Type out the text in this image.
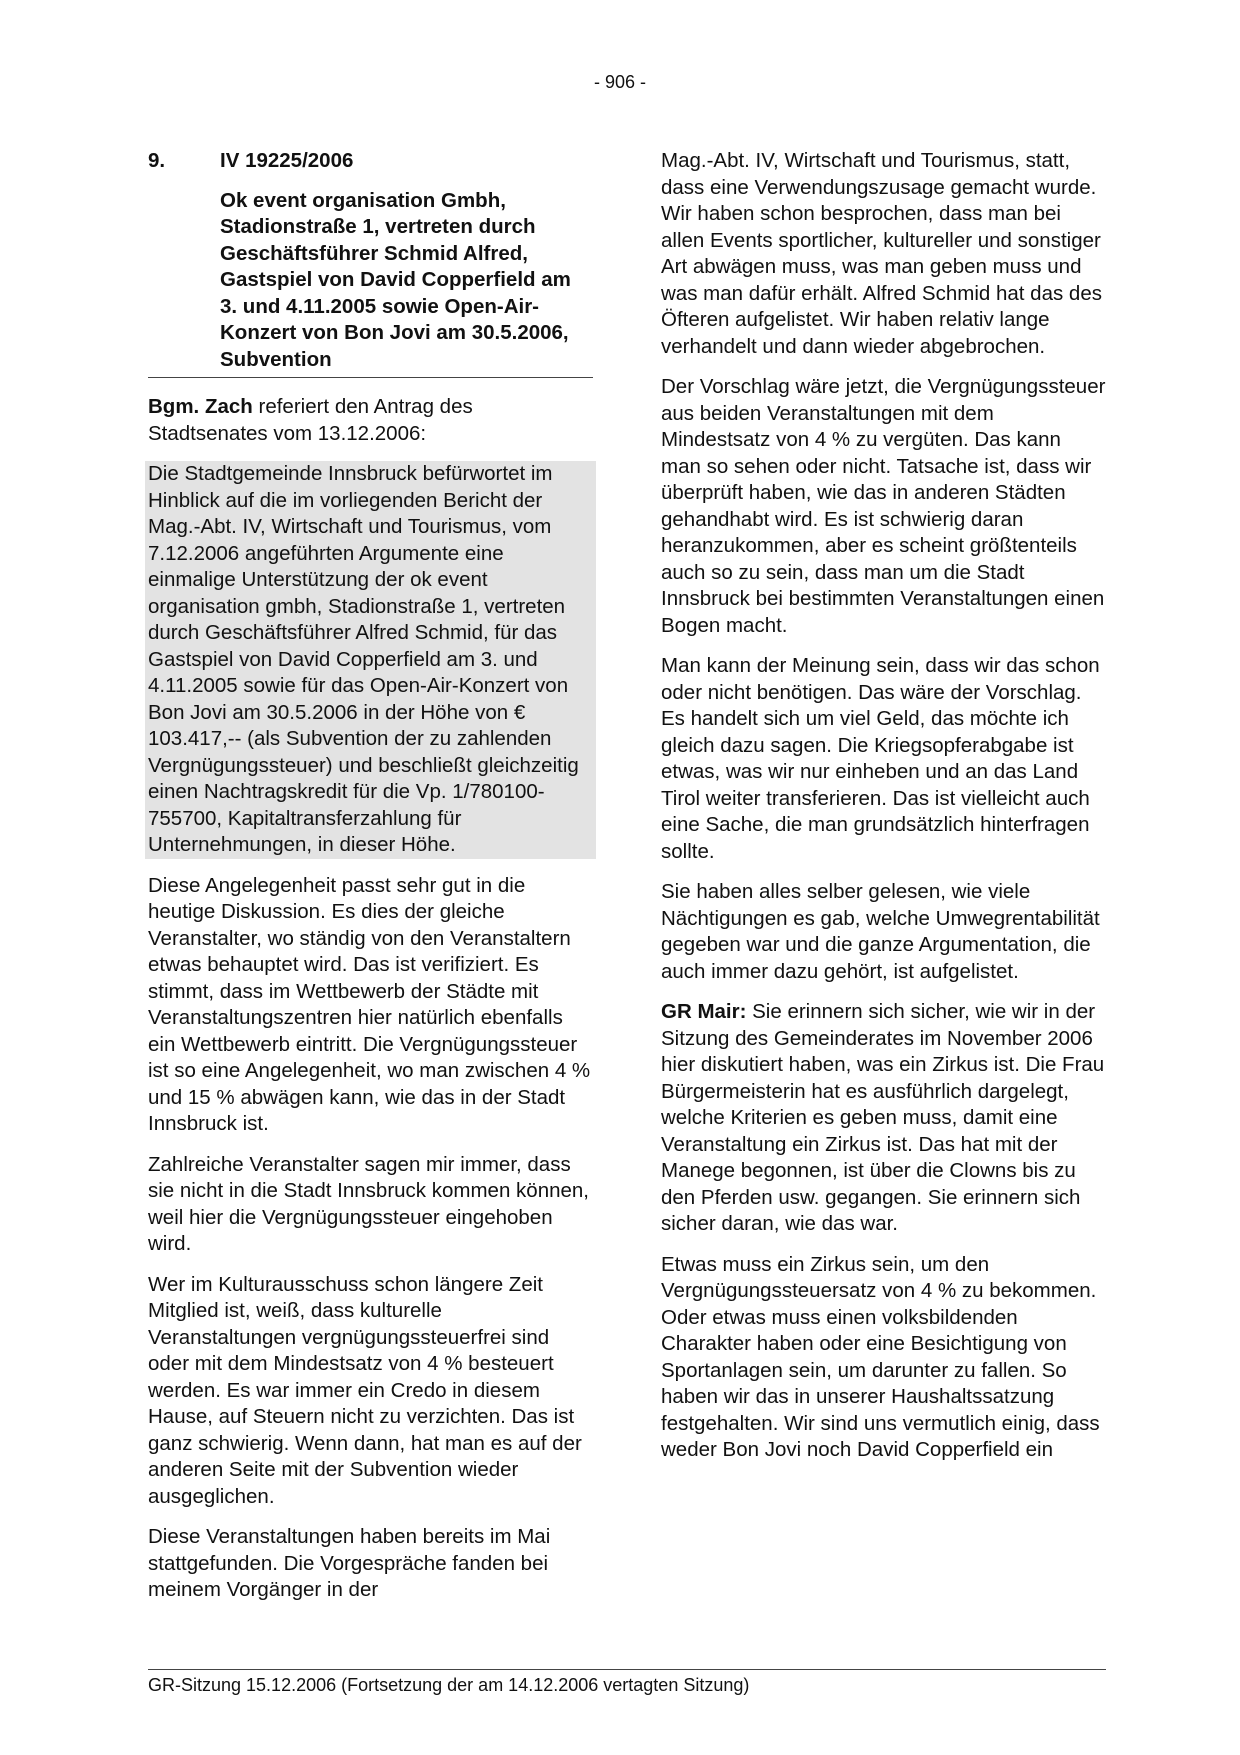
- 906 -
9.	IV 19225/2006
Ok event organisation Gmbh, Stadionstraße 1, vertreten durch Geschäftsführer Schmid Alfred, Gastspiel von David Copperfield am 3. und 4.11.2005 sowie Open-Air-Konzert von Bon Jovi am 30.5.2006, Subvention

Bgm. Zach referiert den Antrag des Stadtsenates vom 13.12.2006:

Die Stadtgemeinde Innsbruck befürwortet im Hinblick auf die im vorliegenden Bericht der Mag.-Abt. IV, Wirtschaft und Tourismus, vom 7.12.2006 angeführten Argumente eine einmalige Unterstützung der ok event organisation gmbh, Stadionstraße 1, vertreten durch Geschäftsführer Alfred Schmid, für das Gastspiel von David Copperfield am 3. und 4.11.2005 sowie für das Open-Air-Konzert von Bon Jovi am 30.5.2006 in der Höhe von € 103.417,-- (als Subvention der zu zahlenden Vergnügungssteuer) und beschließt gleichzeitig einen Nachtragskredit für die Vp. 1/780100-755700, Kapitaltransferzahlung für Unternehmungen, in dieser Höhe.

Diese Angelegenheit passt sehr gut in die heutige Diskussion. Es dies der gleiche Veranstalter, wo ständig von den Veranstaltern etwas behauptet wird. Das ist verifiziert. Es stimmt, dass im Wettbewerb der Städte mit Veranstaltungszentren hier natürlich ebenfalls ein Wettbewerb eintritt. Die Vergnügungssteuer ist so eine Angelegenheit, wo man zwischen 4 % und 15 % abwägen kann, wie das in der Stadt Innsbruck ist.

Zahlreiche Veranstalter sagen mir immer, dass sie nicht in die Stadt Innsbruck kommen können, weil hier die Vergnügungssteuer eingehoben wird.

Wer im Kulturausschuss schon längere Zeit Mitglied ist, weiß, dass kulturelle Veranstaltungen vergnügungssteuerfrei sind oder mit dem Mindestsatz von 4 % besteuert werden. Es war immer ein Credo in diesem Hause, auf Steuern nicht zu verzichten. Das ist ganz schwierig. Wenn dann, hat man es auf der anderen Seite mit der Subvention wieder ausgeglichen.

Diese Veranstaltungen haben bereits im Mai stattgefunden. Die Vorgespräche fanden bei meinem Vorgänger in der

Mag.-Abt. IV, Wirtschaft und Tourismus, statt, dass eine Verwendungszusage gemacht wurde. Wir haben schon besprochen, dass man bei allen Events sportlicher, kultureller und sonstiger Art abwägen muss, was man geben muss und was man dafür erhält. Alfred Schmid hat das des Öfteren aufgelistet. Wir haben relativ lange verhandelt und dann wieder abgebrochen.

Der Vorschlag wäre jetzt, die Vergnügungssteuer aus beiden Veranstaltungen mit dem Mindestsatz von 4 % zu vergüten. Das kann man so sehen oder nicht. Tatsache ist, dass wir überprüft haben, wie das in anderen Städten gehandhabt wird. Es ist schwierig daran heranzukommen, aber es scheint größtenteils auch so zu sein, dass man um die Stadt Innsbruck bei bestimmten Veranstaltungen einen Bogen macht.

Man kann der Meinung sein, dass wir das schon oder nicht benötigen. Das wäre der Vorschlag. Es handelt sich um viel Geld, das möchte ich gleich dazu sagen. Die Kriegsopferabgabe ist etwas, was wir nur einheben und an das Land Tirol weiter transferieren. Das ist vielleicht auch eine Sache, die man grundsätzlich hinterfragen sollte.

Sie haben alles selber gelesen, wie viele Nächtigungen es gab, welche Umwegrentabilität gegeben war und die ganze Argumentation, die auch immer dazu gehört, ist aufgelistet.

GR Mair: Sie erinnern sich sicher, wie wir in der Sitzung des Gemeinderates im November 2006 hier diskutiert haben, was ein Zirkus ist. Die Frau Bürgermeisterin hat es ausführlich dargelegt, welche Kriterien es geben muss, damit eine Veranstaltung ein Zirkus ist. Das hat mit der Manege begonnen, ist über die Clowns bis zu den Pferden usw. gegangen. Sie erinnern sich sicher daran, wie das war.

Etwas muss ein Zirkus sein, um den Vergnügungssteuersatz von 4 % zu bekommen. Oder etwas muss einen volksbildenden Charakter haben oder eine Besichtigung von Sportanlagen sein, um darunter zu fallen. So haben wir das in unserer Haushaltssatzung festgehalten. Wir sind uns vermutlich einig, dass weder Bon Jovi noch David Copperfield ein

GR-Sitzung 15.12.2006 (Fortsetzung der am 14.12.2006 vertagten Sitzung)
